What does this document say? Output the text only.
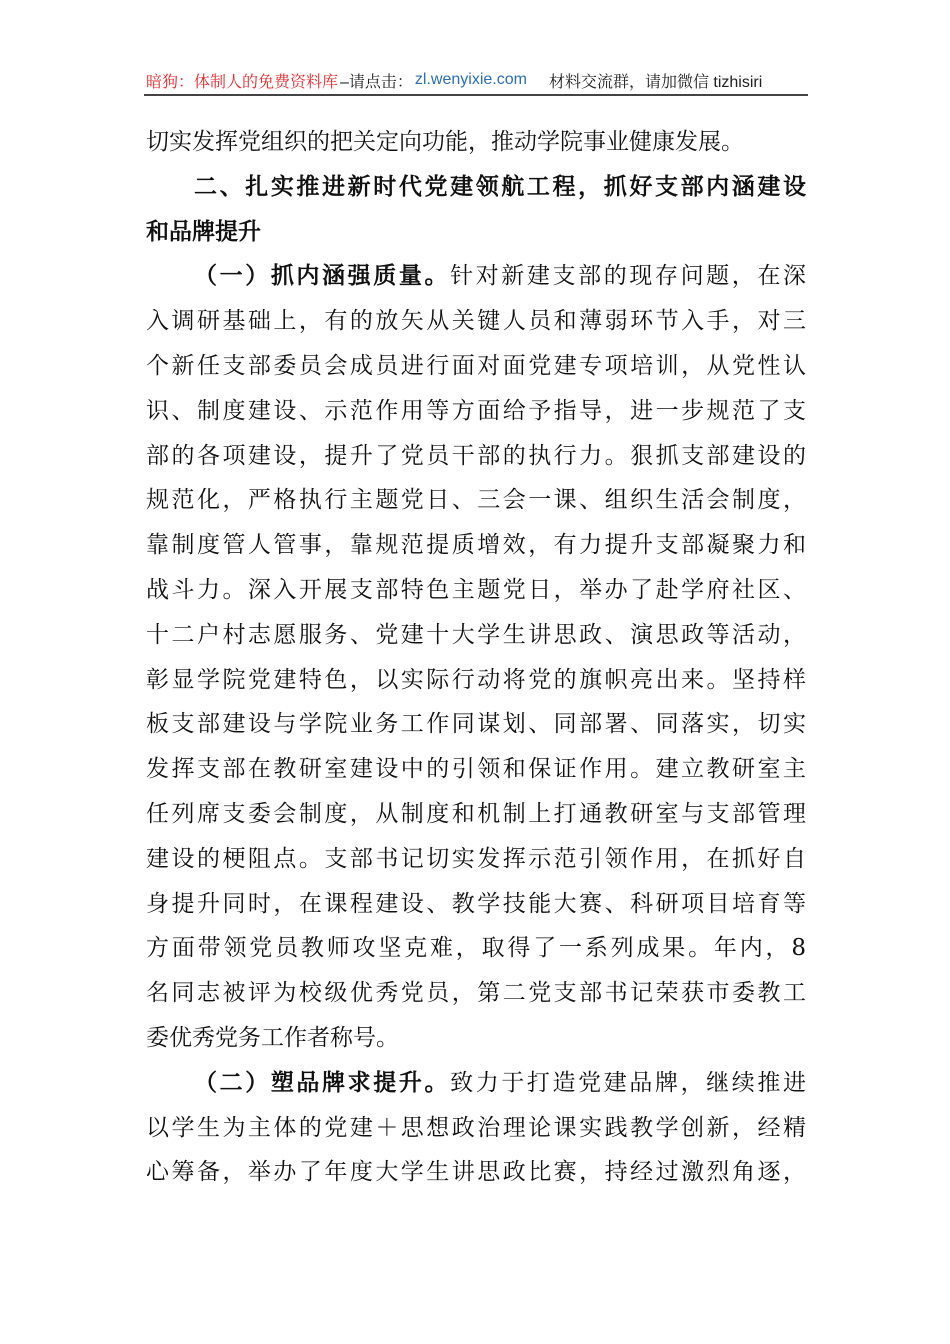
暗狗：体制人的免费资料库 –请点击： zl.wenyixie.com 材料交流群，请加微信 tizhisiri
切实发挥党组织的把关定向功能，推动学院事业健康发展。
二、扎实推进新时代党建领航工程，抓好支部内涵建设
和品牌提升
（一）抓内涵强质量。针对新建支部的现存问题，在深
入调研基础上，有的放矢从关键人员和薄弱环节入手，对三
个新任支部委员会成员进行面对面党建专项培训，从党性认
识、制度建设、示范作用等方面给予指导，进一步规范了支
部的各项建设，提升了党员干部的执行力。狠抓支部建设的
规范化，严格执行主题党日、三会一课、组织生活会制度，
靠制度管人管事，靠规范提质增效，有力提升支部凝聚力和
战斗力。深入开展支部特色主题党日，举办了赴学府社区、
十二户村志愿服务、党建十大学生讲思政、演思政等活动，
彰显学院党建特色，以实际行动将党的旗帜亮出来。坚持样
板支部建设与学院业务工作同谋划、同部署、同落实，切实
发挥支部在教研室建设中的引领和保证作用。建立教研室主
任列席支委会制度，从制度和机制上打通教研室与支部管理
建设的梗阻点。支部书记切实发挥示范引领作用，在抓好自
身提升同时，在课程建设、教学技能大赛、科研项目培育等
方面带领党员教师攻坚克难，取得了一系列成果。年内，8
名同志被评为校级优秀党员，第二党支部书记荣获市委教工
委优秀党务工作者称号。
（二）塑品牌求提升。致力于打造党建品牌，继续推进
以学生为主体的党建＋思想政治理论课实践教学创新，经精
心筹备，举办了年度大学生讲思政比赛，持经过激烈角逐，
